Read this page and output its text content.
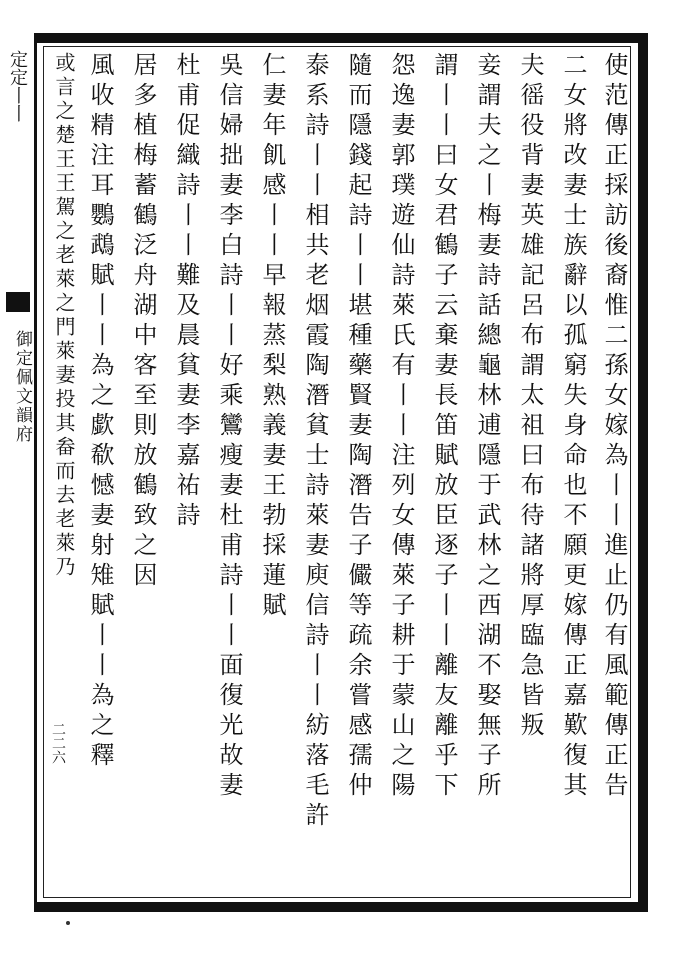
使范傳正採訪後裔惟二孫女嫁為丨丨進止仍有風範傳正告
二女將改妻士族辭以孤窮失身命也不願更嫁傳正嘉歎復其
夫徭役背妻英雄記呂布謂太祖曰布待諸將厚臨急皆叛
妾謂夫之丨梅妻詩話總龜林逋隱于武林之西湖不娶無子所
謂丨丨曰女君鶴子云棄妻長笛賦放臣逐子丨丨離友離乎下
怨逸妻郭璞遊仙詩萊氏有丨丨注列女傳萊子耕于蒙山之陽
隨而隱錢起詩丨丨堪種藥賢妻陶潛告子儼等疏余嘗感孺仲
泰系詩丨丨相共老烟霞陶潛貧士詩萊妻庾信詩丨丨紡落毛許
仁妻年飢感丨丨早報蒸梨熟義妻王勃採蓮賦
吳信婦拙妻李白詩丨丨好乘鸞瘦妻杜甫詩丨丨面復光故妻
杜甫促織詩丨丨難及晨貧妻李嘉祐詩
居多植梅蓄鶴泛舟湖中客至則放鶴致之因
風收精注耳鸚鵡賦丨丨為之歔欷憾妻射雉賦丨丨為之釋
或言之楚王王駕之老萊之門萊妻投其畚而去老萊乃
定定丨丨
御定佩文韻府
二二六
